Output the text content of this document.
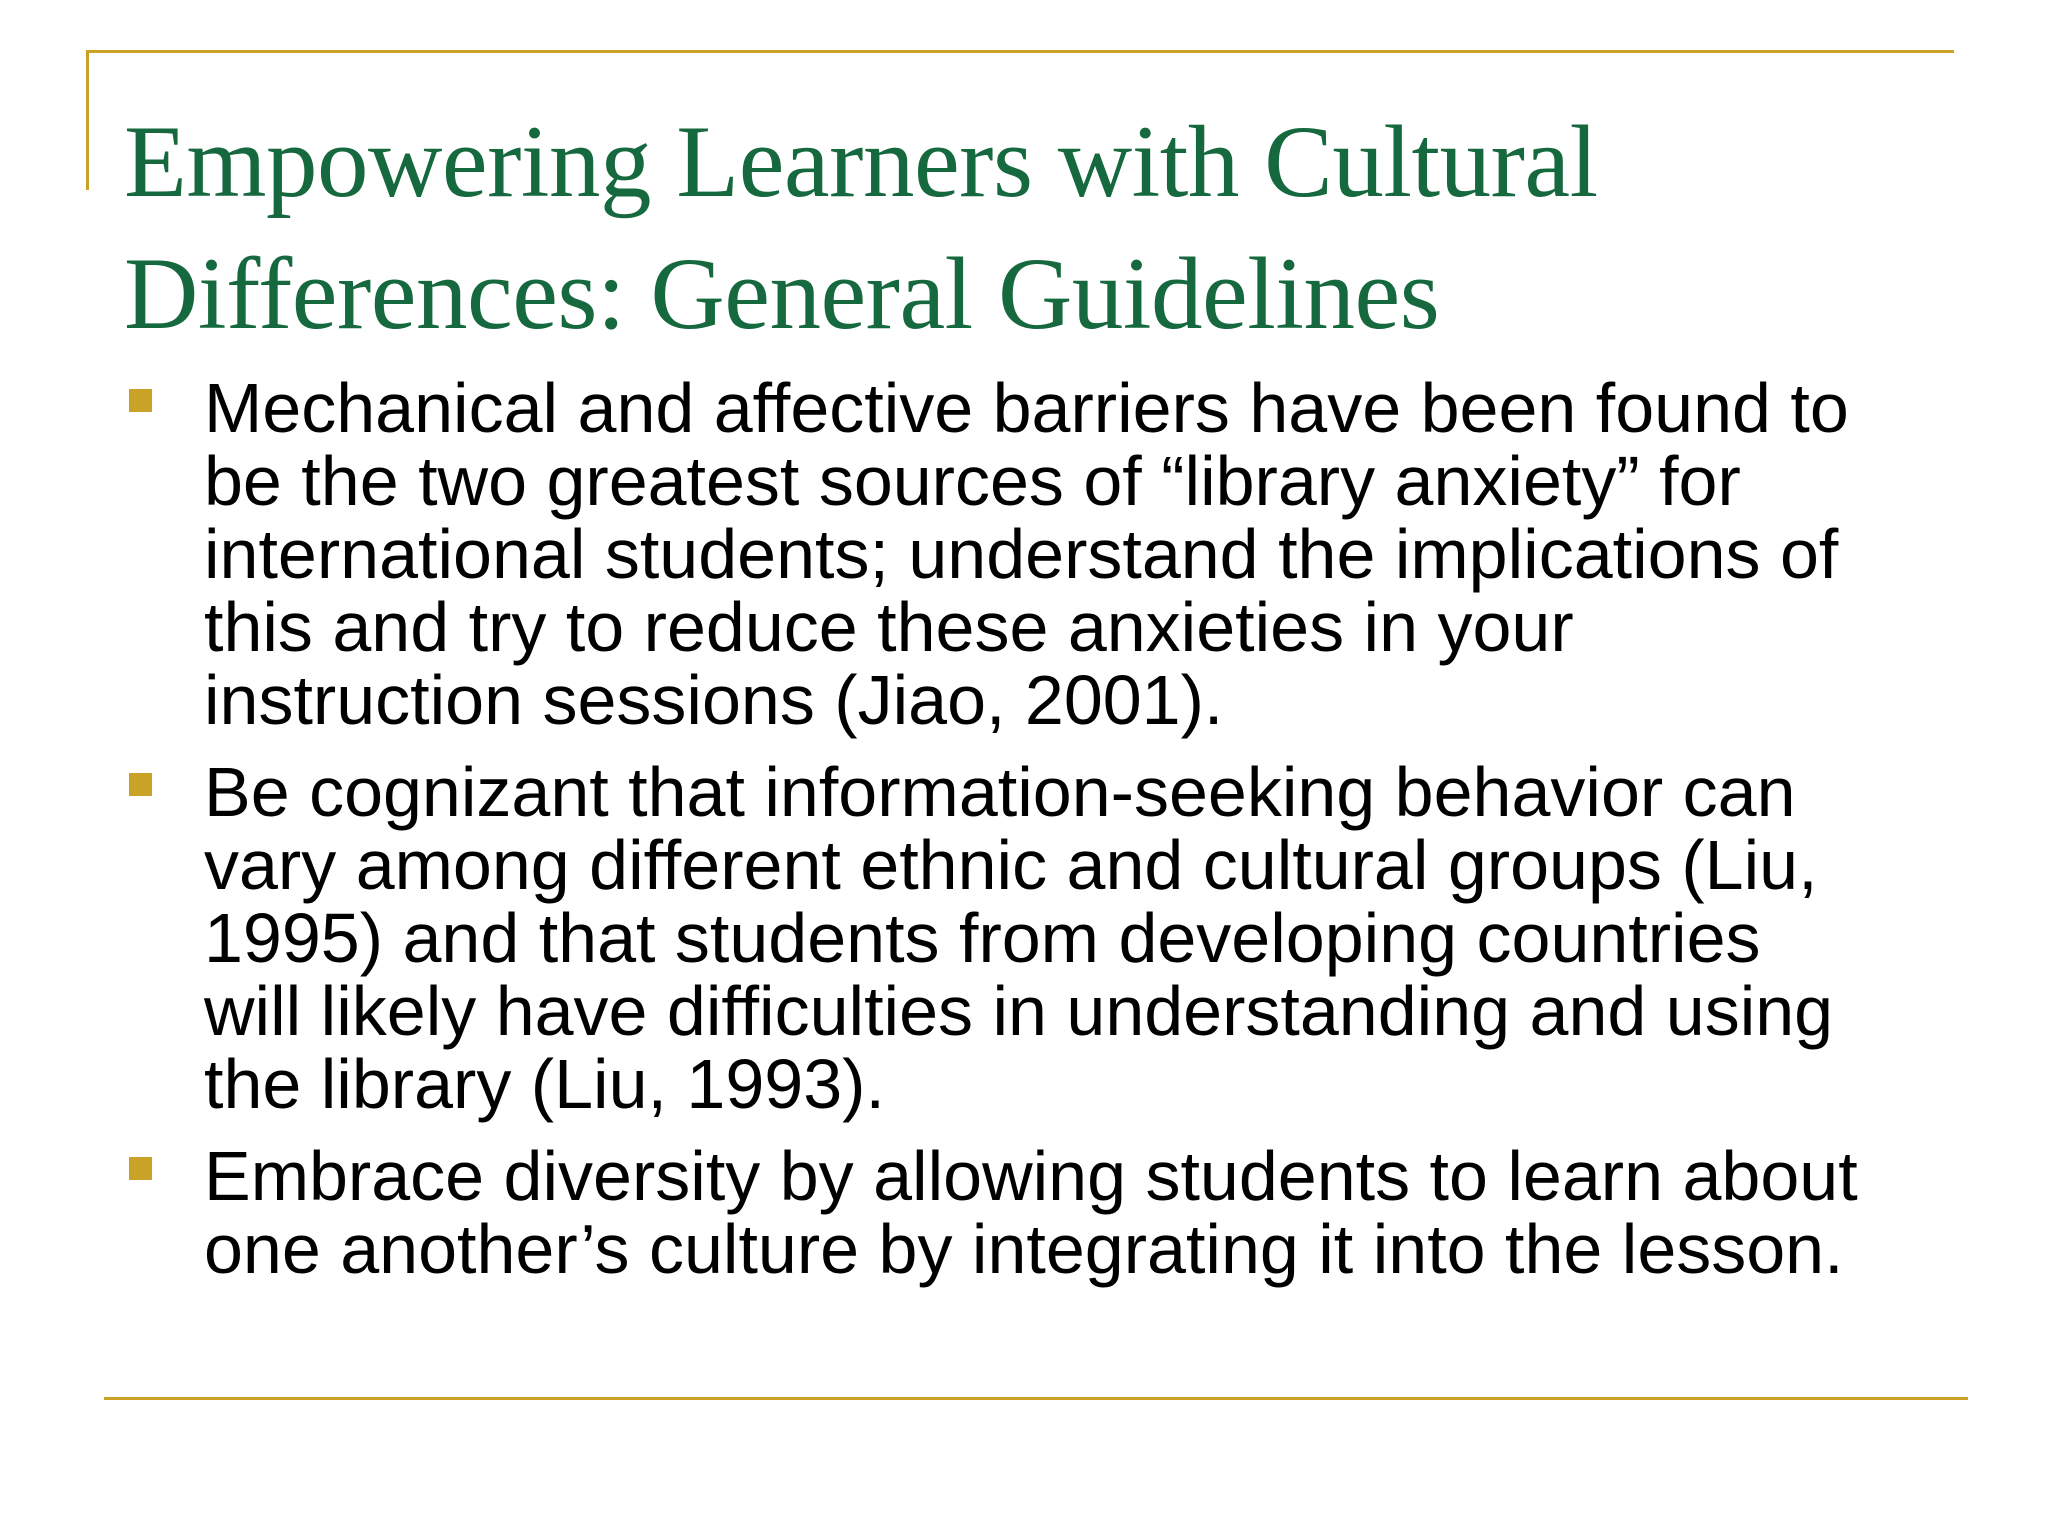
Empowering Learners with Cultural
Differences: General Guidelines
Mechanical and affective barriers have been found to
be the two greatest sources of “library anxiety” for
international students; understand the implications of
this and try to reduce these anxieties in your
instruction sessions (Jiao, 2001).
Be cognizant that information-seeking behavior can
vary among different ethnic and cultural groups (Liu,
1995) and that students from developing countries
will likely have difficulties in understanding and using
the library (Liu, 1993).
Embrace diversity by allowing students to learn about
one another’s culture by integrating it into the lesson.
